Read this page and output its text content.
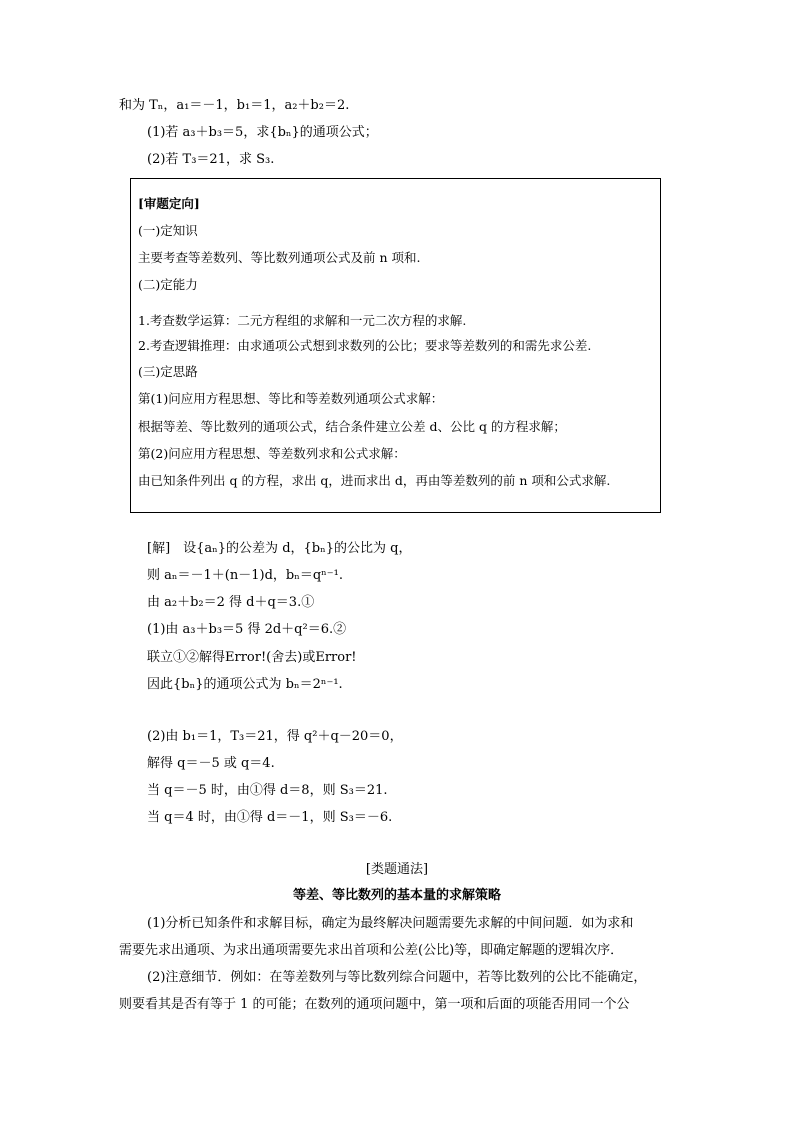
和为 Tₙ，a₁＝－1，b₁＝1，a₂＋b₂＝2.
(1)若 a₃＋b₃＝5，求{bₙ}的通项公式；
(2)若 T₃＝21，求 S₃.
[审题定向]
(一)定知识
主要考查等差数列、等比数列通项公式及前 n 项和.
(二)定能力
1.考查数学运算：二元方程组的求解和一元二次方程的求解.
2.考查逻辑推理：由求通项公式想到求数列的公比；要求等差数列的和需先求公差.
(三)定思路
第(1)问应用方程思想、等比和等差数列通项公式求解：
根据等差、等比数列的通项公式，结合条件建立公差 d、公比 q 的方程求解；
第(2)问应用方程思想、等差数列求和公式求解：
由已知条件列出 q 的方程，求出 q，进而求出 d，再由等差数列的前 n 项和公式求解.
[解]　设{aₙ}的公差为 d，{bₙ}的公比为 q，
则 aₙ＝－1＋(n－1)d，bₙ＝qⁿ⁻¹.
由 a₂＋b₂＝2 得 d＋q＝3.①
(1)由 a₃＋b₃＝5 得 2d＋q²＝6.②
联立①②解得Error!(舍去)或Error!
因此{bₙ}的通项公式为 bₙ＝2ⁿ⁻¹.
(2)由 b₁＝1，T₃＝21，得 q²＋q－20＝0，
解得 q＝－5 或 q＝4.
当 q＝－5 时，由①得 d＝8，则 S₃＝21.
当 q＝4 时，由①得 d＝－1，则 S₃＝－6.
[类题通法]
等差、等比数列的基本量的求解策略
(1)分析已知条件和求解目标，确定为最终解决问题需要先求解的中间问题．如为求和
需要先求出通项、为求出通项需要先求出首项和公差(公比)等，即确定解题的逻辑次序．
(2)注意细节．例如：在等差数列与等比数列综合问题中，若等比数列的公比不能确定，
则要看其是否有等于 1 的可能；在数列的通项问题中，第一项和后面的项能否用同一个公
